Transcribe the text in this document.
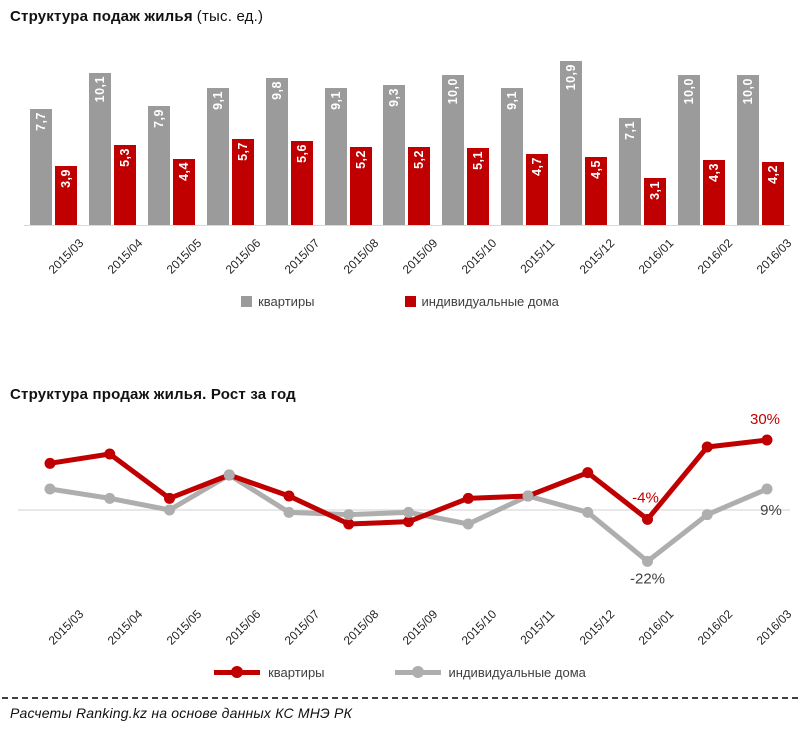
Структура подаж жилья (тыс. ед.)
7,7
3,9
10,1
5,3
7,9
4,4
9,1
5,7
9,8
5,6
9,1
5,2
9,3
5,2
10,0
5,1
9,1
4,7
10,9
4,5
7,1
3,1
10,0
4,3
10,0
4,2
2015/03 2015/04 2015/05 2015/06 2015/07 2015/08 2015/09 2015/10 2015/11 2015/12 2016/01 2016/02 2016/03
квартиры	индивидуальные дома
Структура продаж жилья. Рост за год
30%
-4%
-22%
9%
2015/03 2015/04 2015/05 2015/06 2015/07 2015/08 2015/09 2015/10 2015/11 2015/12 2016/01 2016/02 2016/03
квартиры	индивидуальные дома
Расчеты Ranking.kz на основе данных КС МНЭ РК
